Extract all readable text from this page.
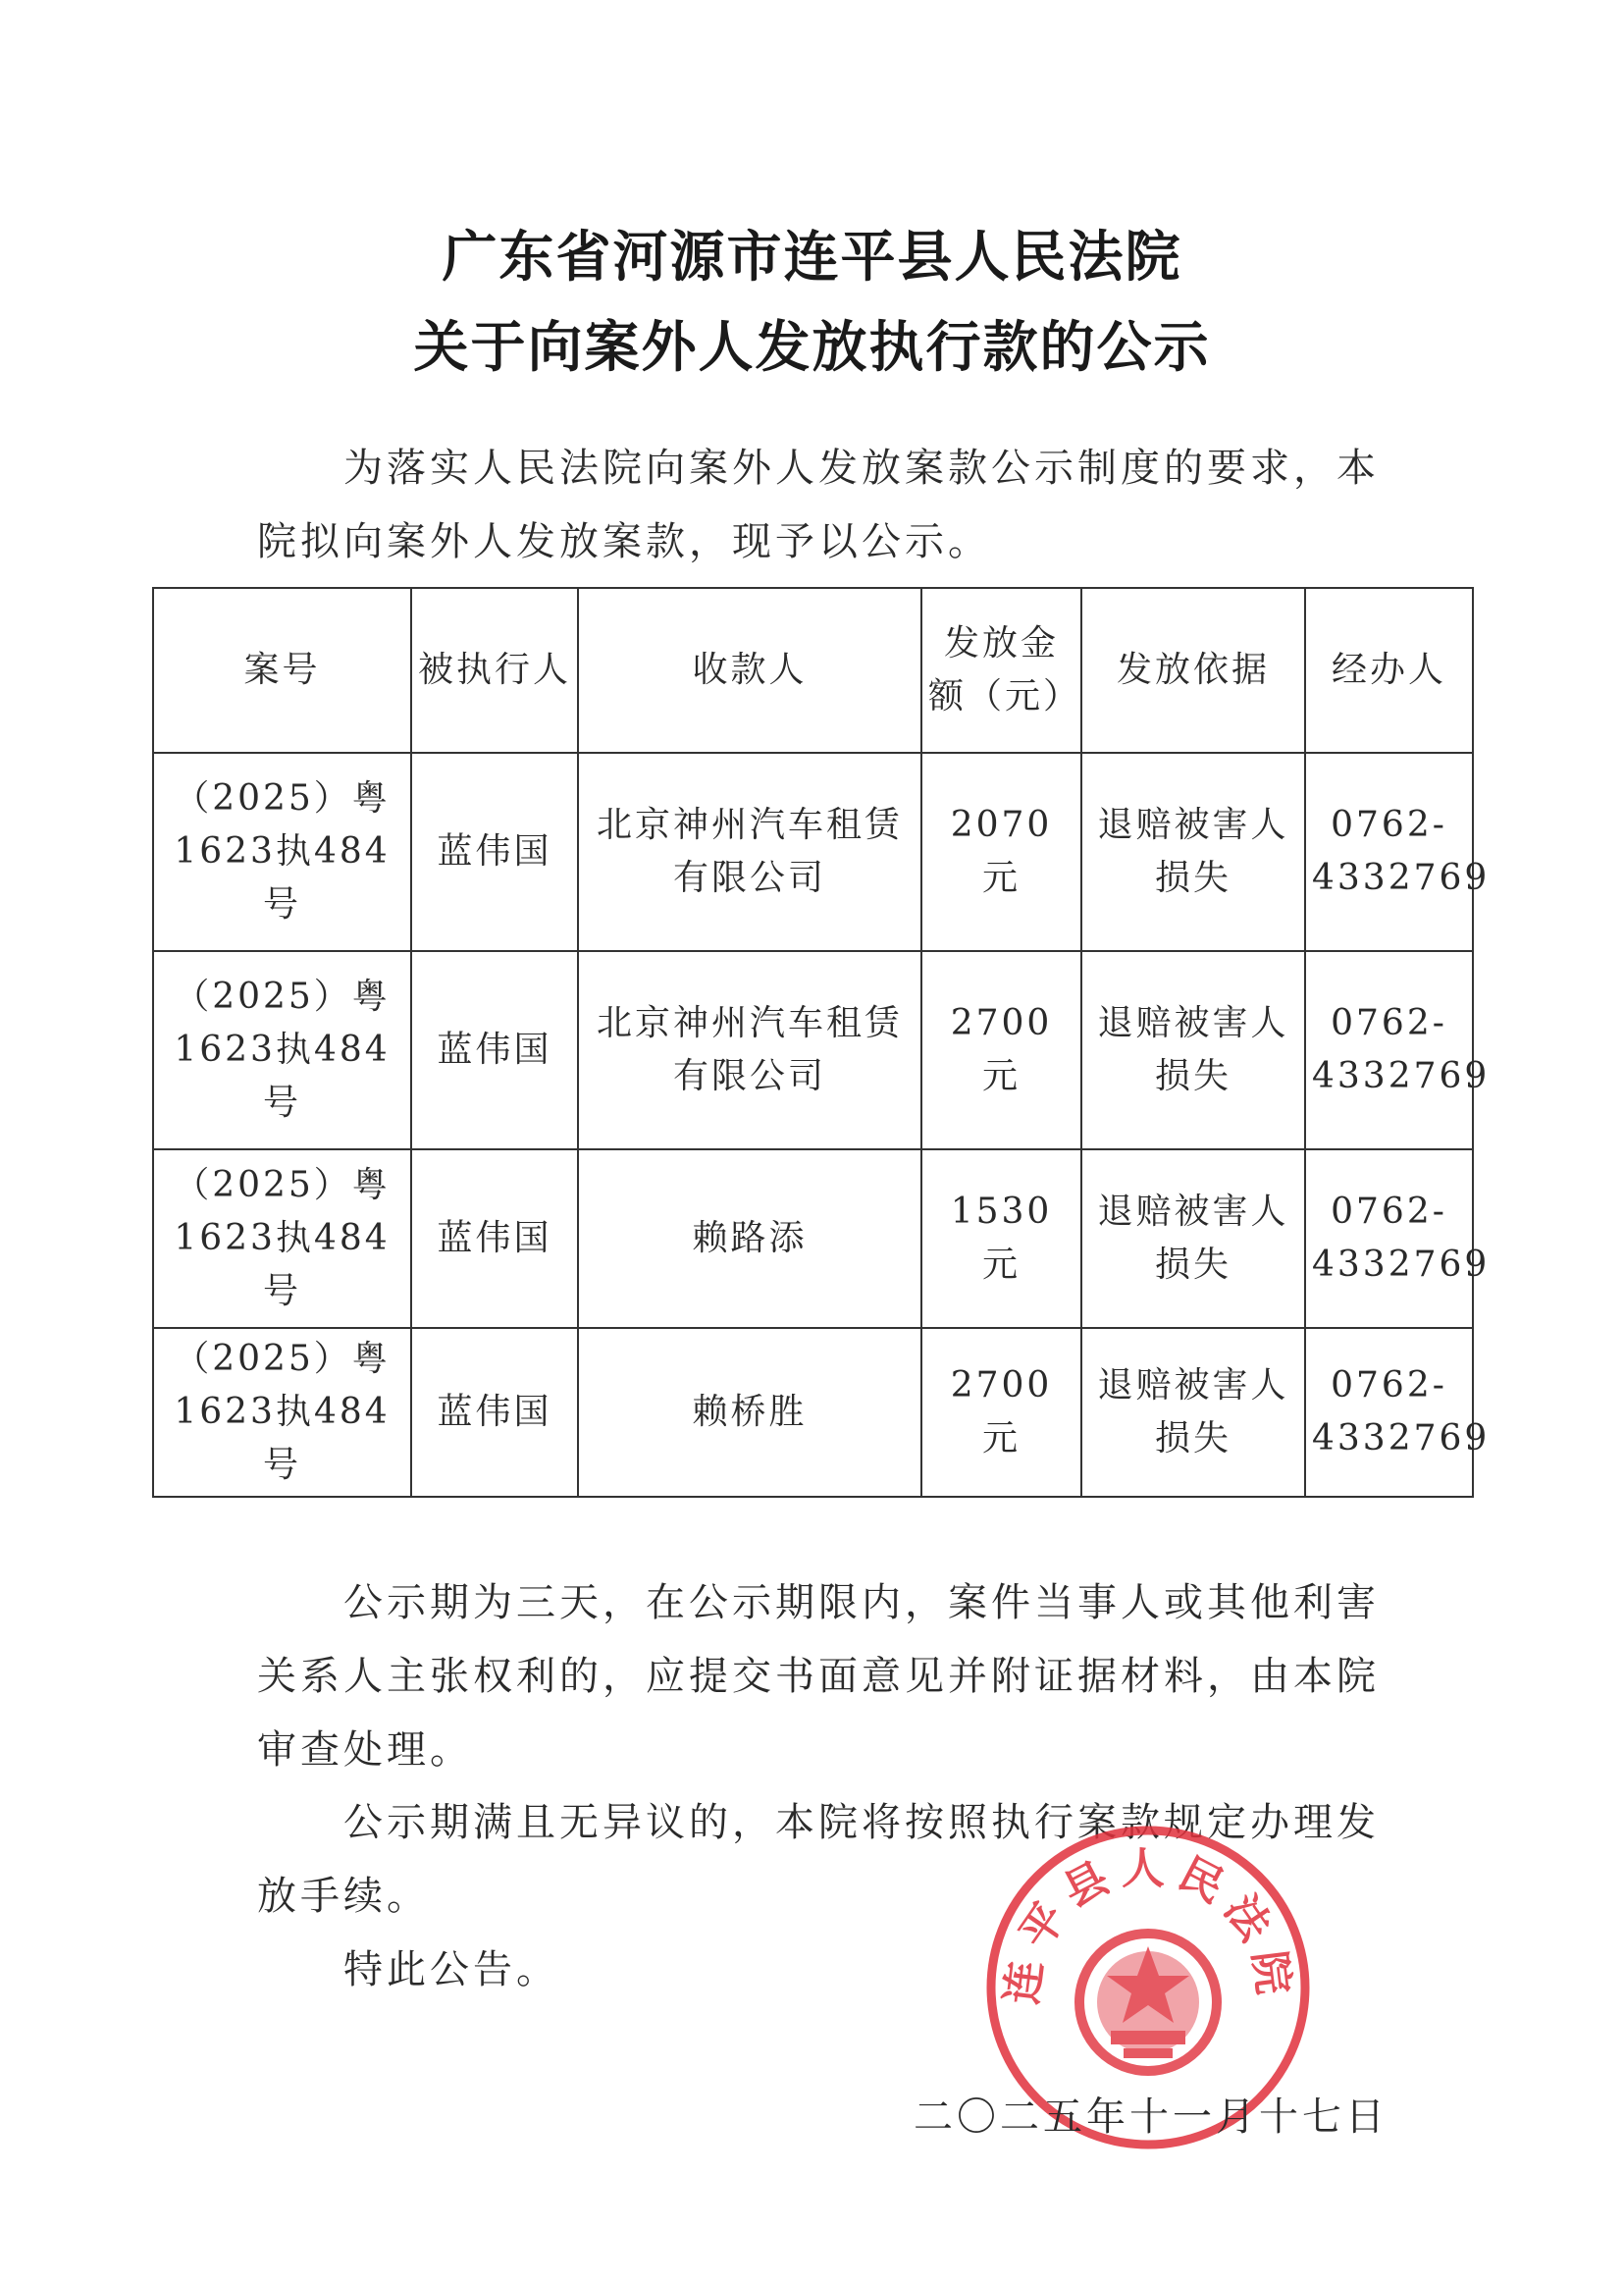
广东省河源市连平县人民法院
关于向案外人发放执行款的公示
为落实人民法院向案外人发放案款公示制度的要求，本院拟向案外人发放案款，现予以公示。
案号	被执行人	收款人	发放金额（元）	发放依据	经办人
（2025）粤1623执484号	蓝伟国	北京神州汽车租赁有限公司	2070 元	退赔被害人损失	0762-4332769
（2025）粤1623执484号	蓝伟国	北京神州汽车租赁有限公司	2700 元	退赔被害人损失	0762-4332769
（2025）粤1623执484号	蓝伟国	赖路添	1530 元	退赔被害人损失	0762-4332769
（2025）粤1623执484号	蓝伟国	赖桥胜	2700 元	退赔被害人损失	0762-4332769
公示期为三天，在公示期限内，案件当事人或其他利害关系人主张权利的，应提交书面意见并附证据材料，由本院审查处理。
公示期满且无异议的，本院将按照执行案款规定办理发放手续。
特此公告。	连平县人民法院
二〇二五年十一月十七日
